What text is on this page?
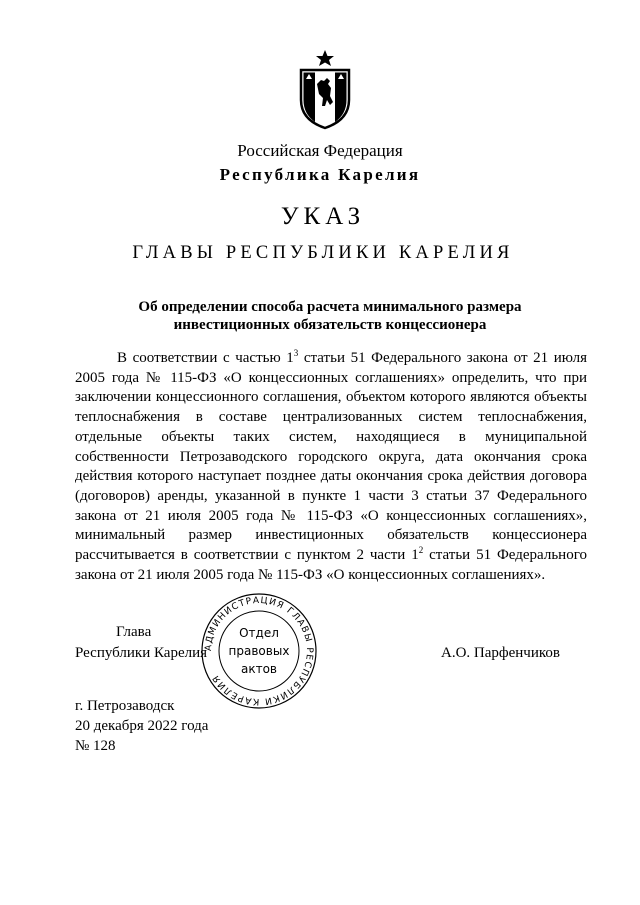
Российская Федерация
Республика Карелия
УКАЗ
ГЛАВЫ РЕСПУБЛИКИ КАРЕЛИЯ
Об определении способа расчета минимального размера
инвестиционных обязательств концессионера
В соответствии с частью $1^3$ статьи 51 Федерального закона от 21 июля 2005 года № 115-ФЗ «О концессионных соглашениях» определить, что при заключении концессионного соглашения, объектом которого являются объекты теплоснабжения в составе централизованных систем теплоснабжения, отдельные объекты таких систем, находящиеся в муниципальной собственности Петрозаводского городского округа, дата окончания срока действия которого наступает позднее даты окончания срока действия договора (договоров) аренды, указанной в пункте 1 части 3 статьи 37 Федерального закона от 21 июля 2005 года № 115-ФЗ «О концессионных соглашениях», минимальный размер инвестиционных обязательств концессионера рассчитывается в соответствии с пунктом 2 части $1^2$ статьи 51 Федерального закона от 21 июля 2005 года № 115-ФЗ «О концессионных соглашениях».
Глава
Республики Карелия	А.О. Парфенчиков
АДМИНИСТРАЦИЯ ГЛАВЫ РЕСПУБЛИКИ КАРЕЛИЯ
Отдел
правовых
актов
г. Петрозаводск
20 декабря 2022 года
№ 128
